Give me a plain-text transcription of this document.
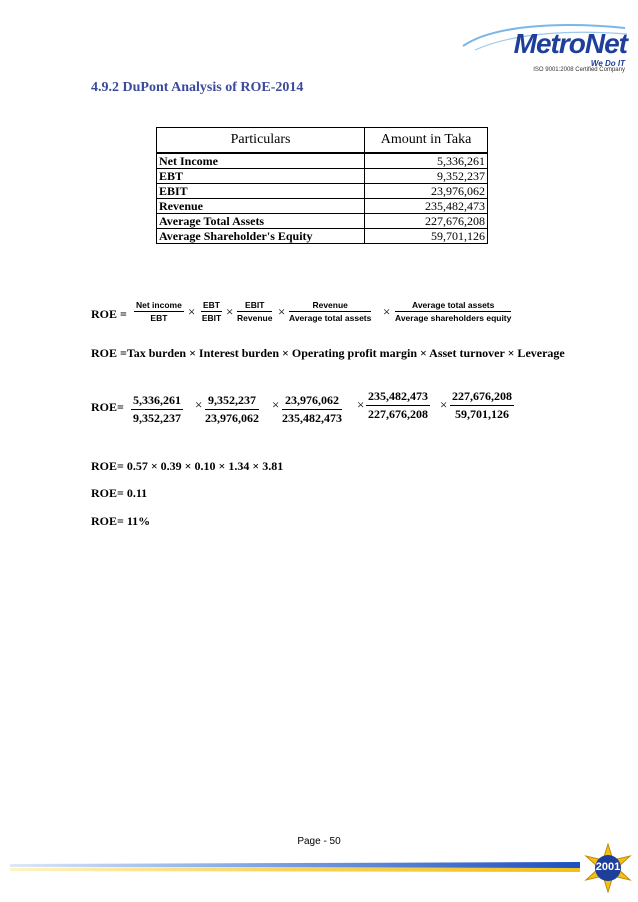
MetroNet
We Do IT
ISO 9001:2008 Certified Company
4.9.2 DuPont Analysis of ROE-2014
Particulars	Amount in Taka
Net Income	5,336,261
EBT	9,352,237
EBIT	23,976,062
Revenue	235,482,473
Average Total Assets	227,676,208
Average Shareholder's Equity	59,701,126
ROE =
Net income
EBT	× EBT
EBIT ×	EBIT
Revenue ×	Revenue
Average total assets ×	Average total assets
Average shareholders equity
ROE =Tax burden × Interest burden × Operating profit margin × Asset turnover × Leverage
$ROE= \frac{5,336,261}{9,352,237} \times \frac{9,352,237}{23,976,062} \times \frac{23,976,062}{235,482,473} \times \frac{235,482,473}{227,676,208} \times \frac{227,676,208}{59,701,126}$
ROE= 0.57 × 0.39 × 0.10 × 1.34 × 3.81
ROE= 0.11
ROE= 11%
Page - 50
2001
